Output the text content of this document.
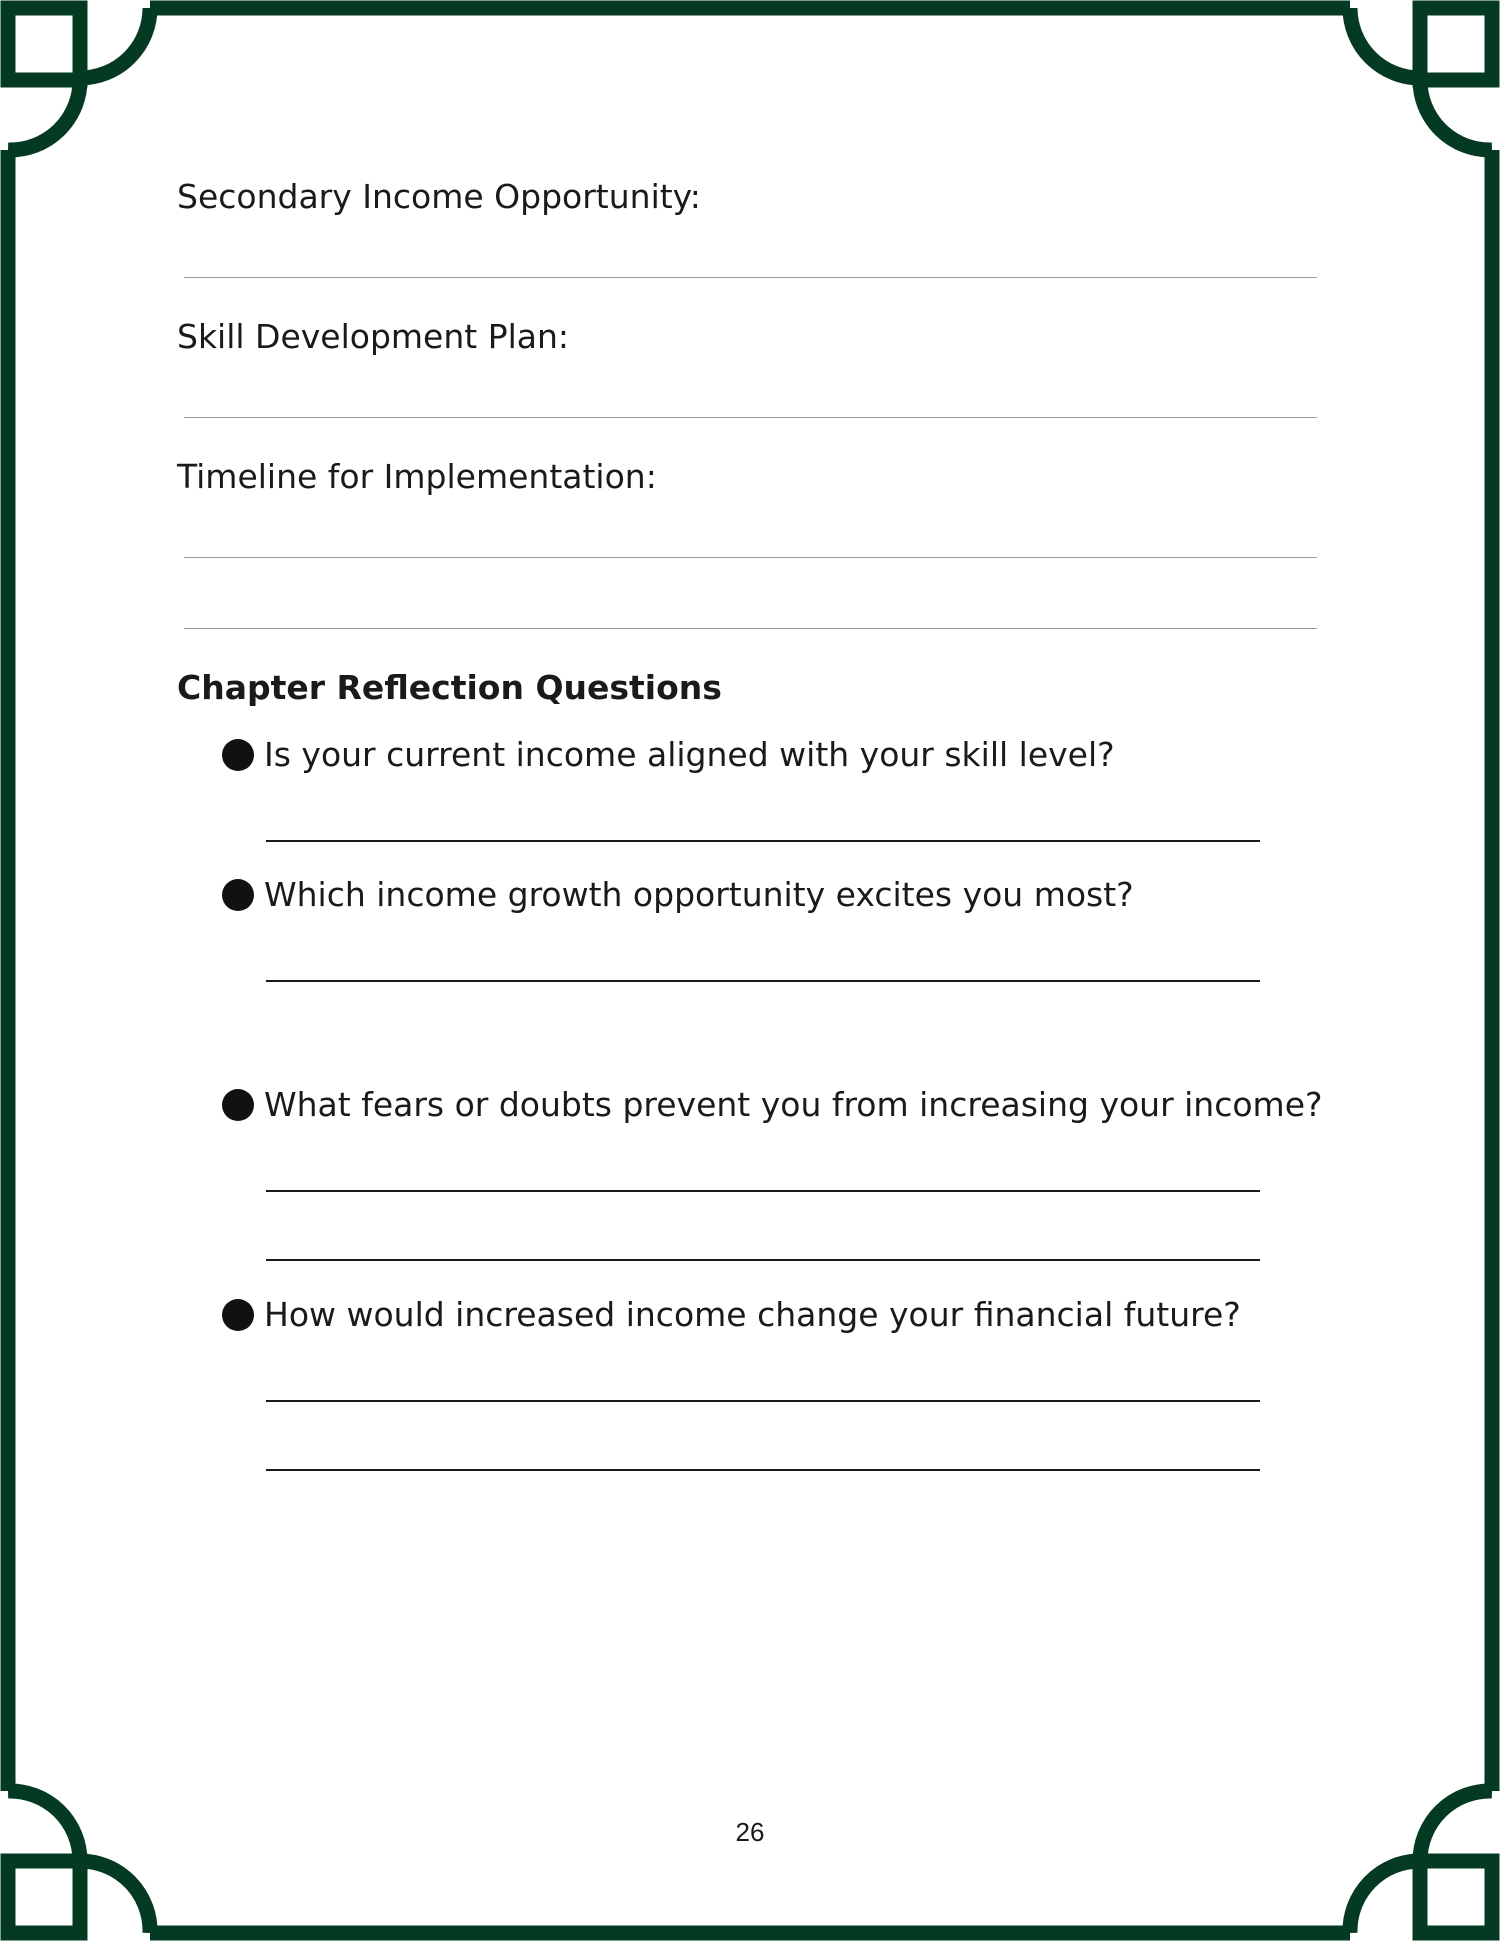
Secondary Income Opportunity:
Skill Development Plan:
Timeline for Implementation:
Chapter Reflection Questions
Is your current income aligned with your skill level?
Which income growth opportunity excites you most?
What fears or doubts prevent you from increasing your income?
How would increased income change your financial future?
26
